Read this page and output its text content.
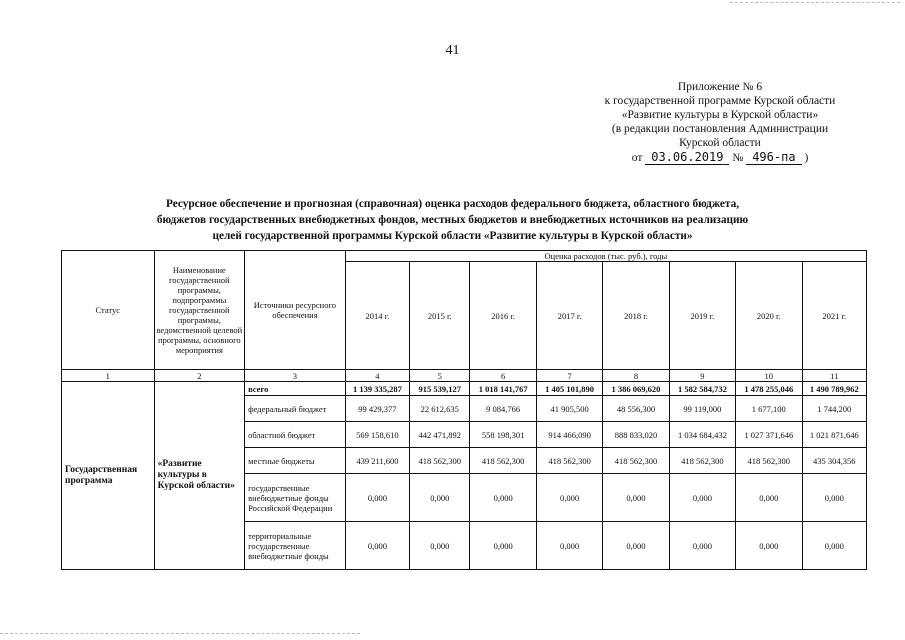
41
Приложение № 6
к государственной программе Курской области
«Развитие культуры в Курской области»
(в редакции постановления Администрации
Курской области
от 03.06.2019 № 496-па )
Ресурсное обеспечение и прогнозная (справочная) оценка расходов федерального бюджета, областного бюджета,
бюджетов государственных внебюджетных фондов, местных бюджетов и внебюджетных источников на реализацию
целей государственной программы Курской области «Развитие культуры в Курской области»
Статус	Наименование государственной программы, подпрограммы государственной программы, ведомственной целевой программы, основного мероприятия	Источники ресурсного обеспечения	Оценка расходов (тыс. руб.), годы							
			2014 г.	2015 г.	2016 г.	2017 г.	2018 г.	2019 г.	2020 г.	2021 г.
1	2	3	4	5	6	7	8	9	10	11
Государственная программа	«Развитие культуры в Курской области»	всего	1 139 335,287	915 539,127	1 018 141,767	1 405 101,890	1 386 069,620	1 582 584,732	1 478 255,046	1 490 789,962
		федеральный бюджет	99 429,377	22 612,635	9 084,766	41 905,500	48 556,300	99 119,000	1 677,100	1 744,200
		областной бюджет	569 158,610	442 471,892	558 198,301	914 466,090	888 833,020	1 034 684,432	1 027 371,646	1 021 871,646
		местные бюджеты	439 211,600	418 562,300	418 562,300	418 562,300	418 562,300	418 562,300	418 562,300	435 304,356
		государственные внебюджетные фонды Российской Федерации	0,000	0,000	0,000	0,000	0,000	0,000	0,000	0,000
		территориальные государственные внебюджетные фонды	0,000	0,000	0,000	0,000	0,000	0,000	0,000	0,000
